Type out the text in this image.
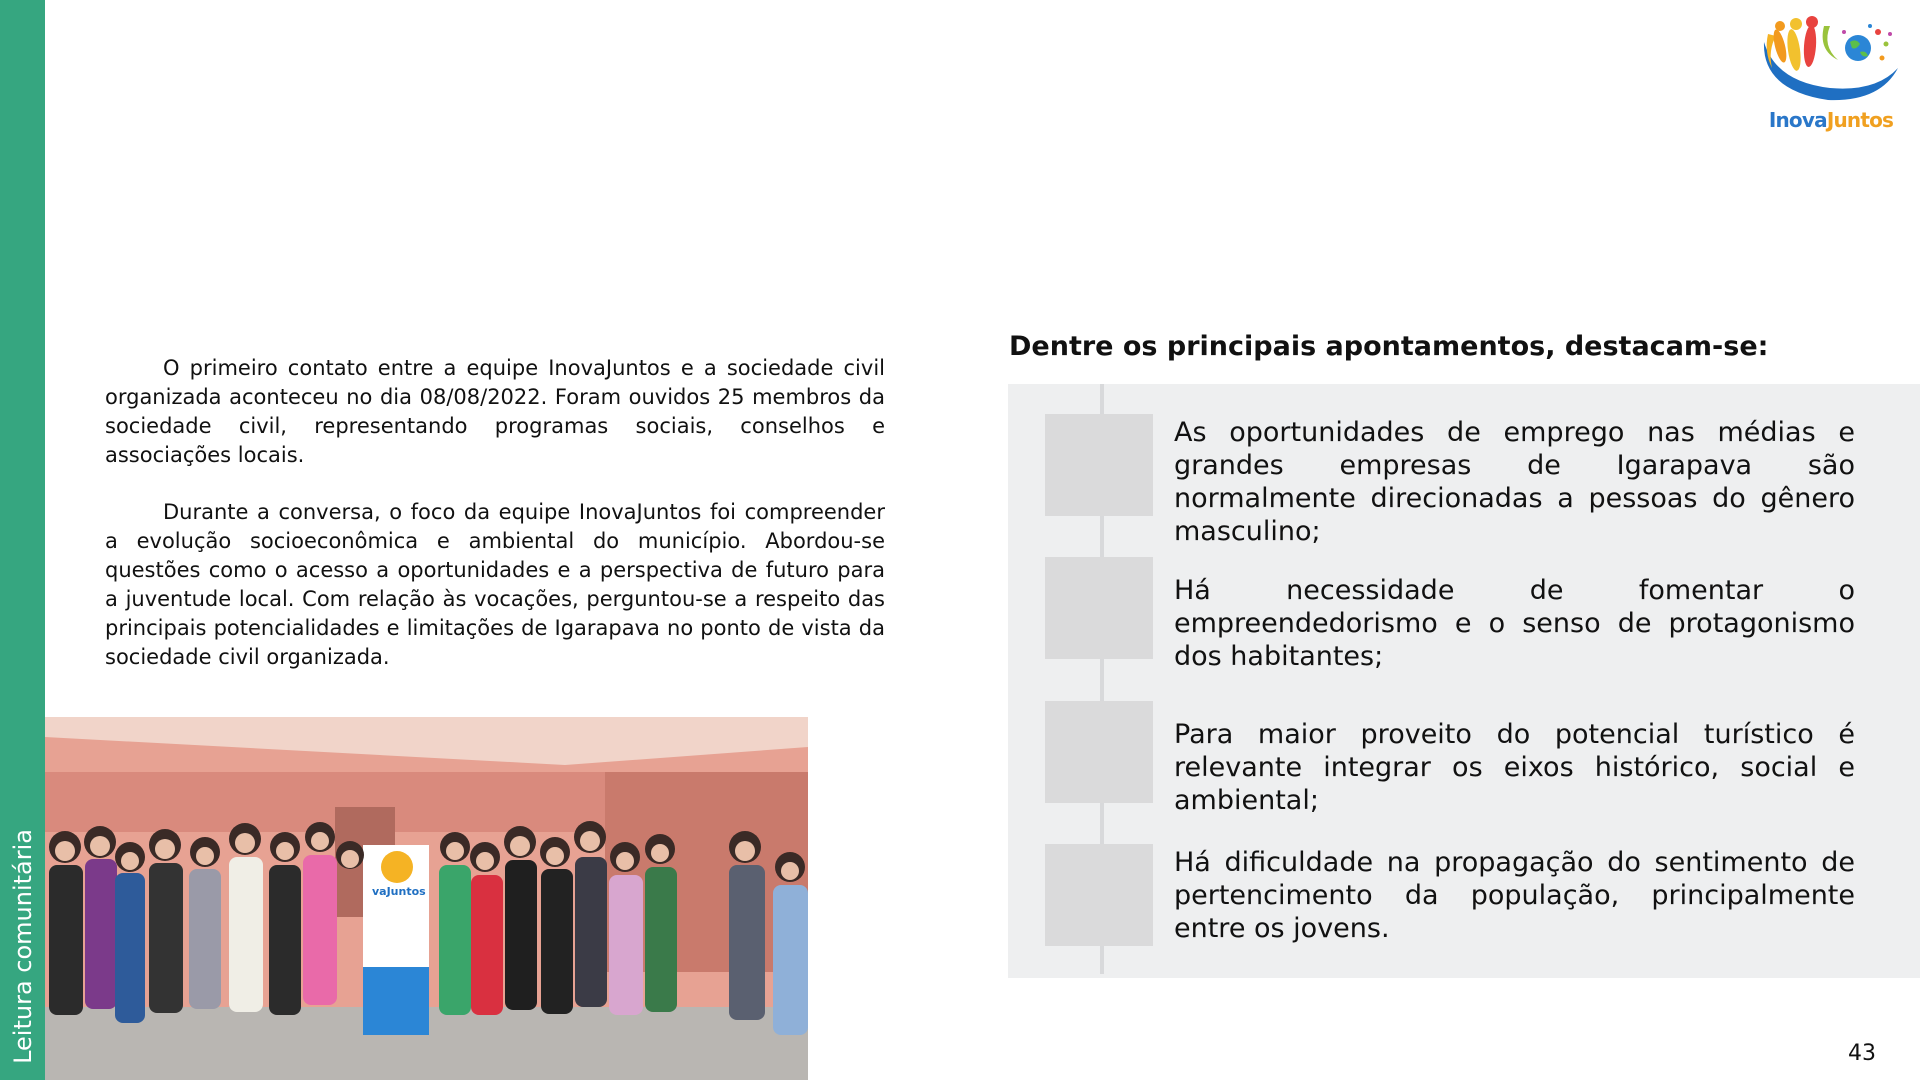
Leitura comunitária
InovaJuntos

O primeiro contato entre a equipe InovaJuntos e a sociedade civil organizada aconteceu no dia 08/08/2022. Foram ouvidos 25 membros da sociedade civil, representando programas sociais, conselhos e associações locais.

Durante a conversa, o foco da equipe InovaJuntos foi compreender a evolução socioeconômica e ambiental do município. Abordou-se questões como o acesso a oportunidades e a perspectiva de futuro para a juventude local. Com relação às vocações, perguntou-se a respeito das principais potencialidades e limitações de Igarapava no ponto de vista da sociedade civil organizada.

vaJuntos
Dentre os principais apontamentos, destacam-se:
As oportunidades de emprego nas médias e grandes empresas de Igarapava são normalmente direcionadas a pessoas do gênero masculino;
Há necessidade de fomentar o empreendedorismo e o senso de protagonismo dos habitantes;
Para maior proveito do potencial turístico é relevante integrar os eixos histórico, social e ambiental;
Há dificuldade na propagação do sentimento de pertencimento da população, principalmente entre os jovens.
43
